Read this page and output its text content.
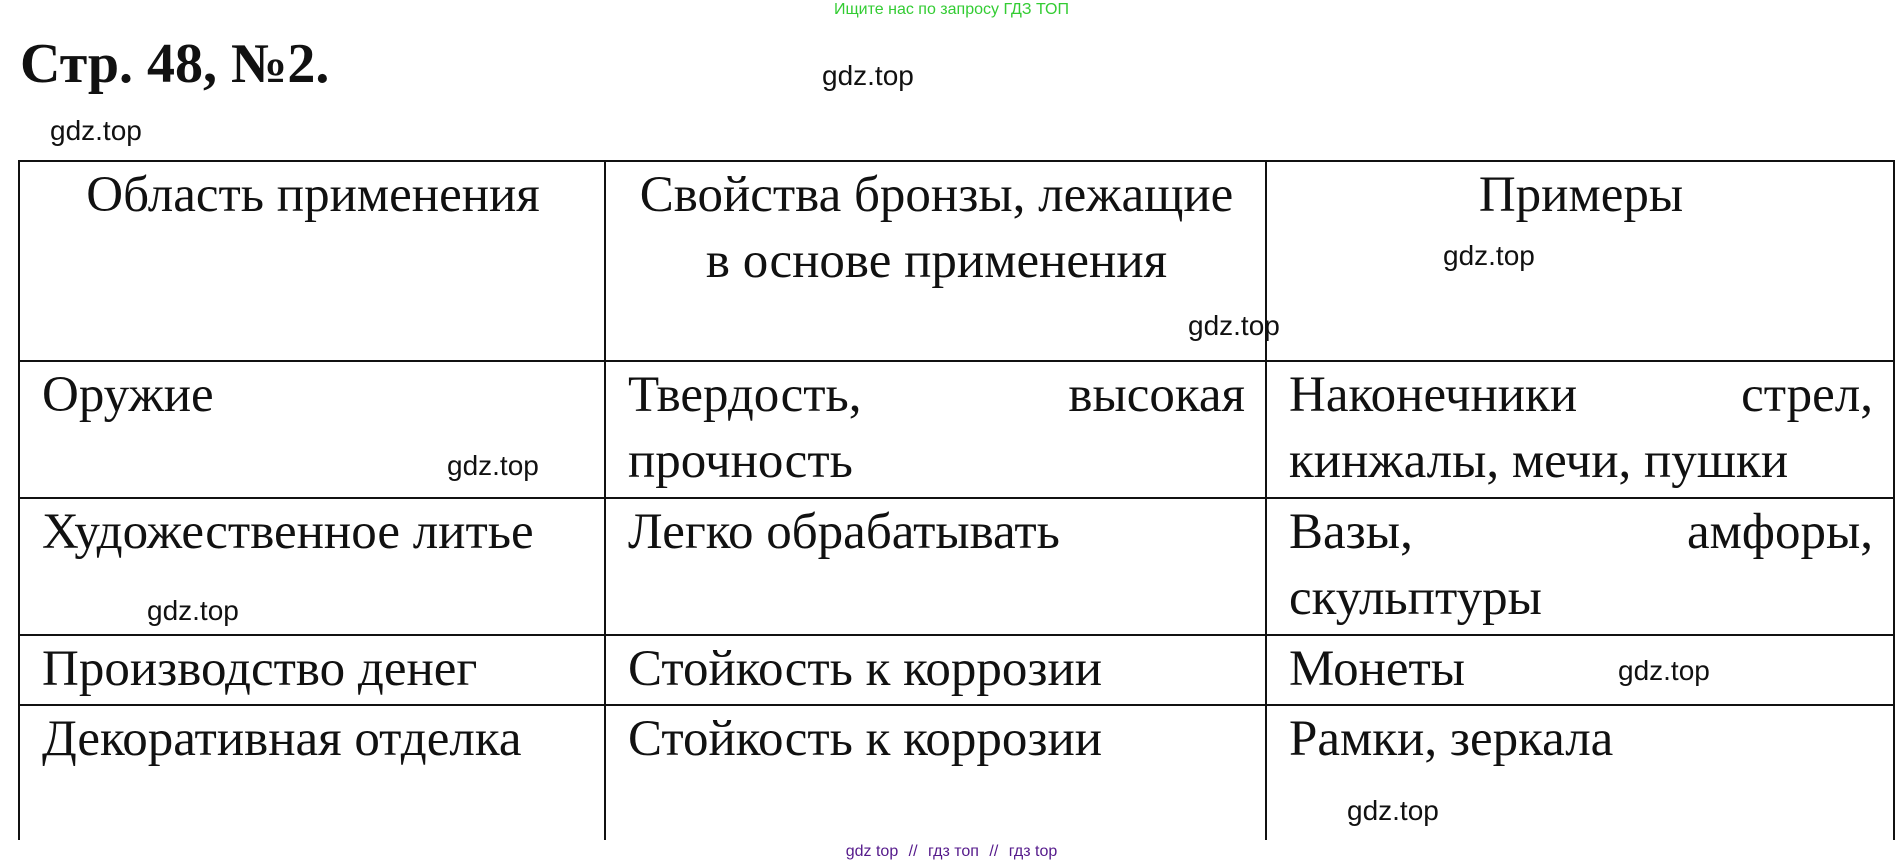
Ищите нас по запросу ГДЗ ТОП
Стр. 48, №2.	gdz.top
gdz.top
Область применения	Свойства бронзы, лежащие в основе применения	Примеры
Оружие	Твердость, высокая прочность	Наконечники стрел, кинжалы, мечи, пушки
Художественное литье	Легко обрабатывать	Вазы, амфоры, скульптуры
Производство денег	Стойкость к коррозии	Монеты
Декоративная отделка	Стойкость к коррозии	Рамки, зеркала
gdz.top
gdz.top
gdz.top
gdz.top
gdz.top
gdz.top
gdz top // гдз топ // гдз top
